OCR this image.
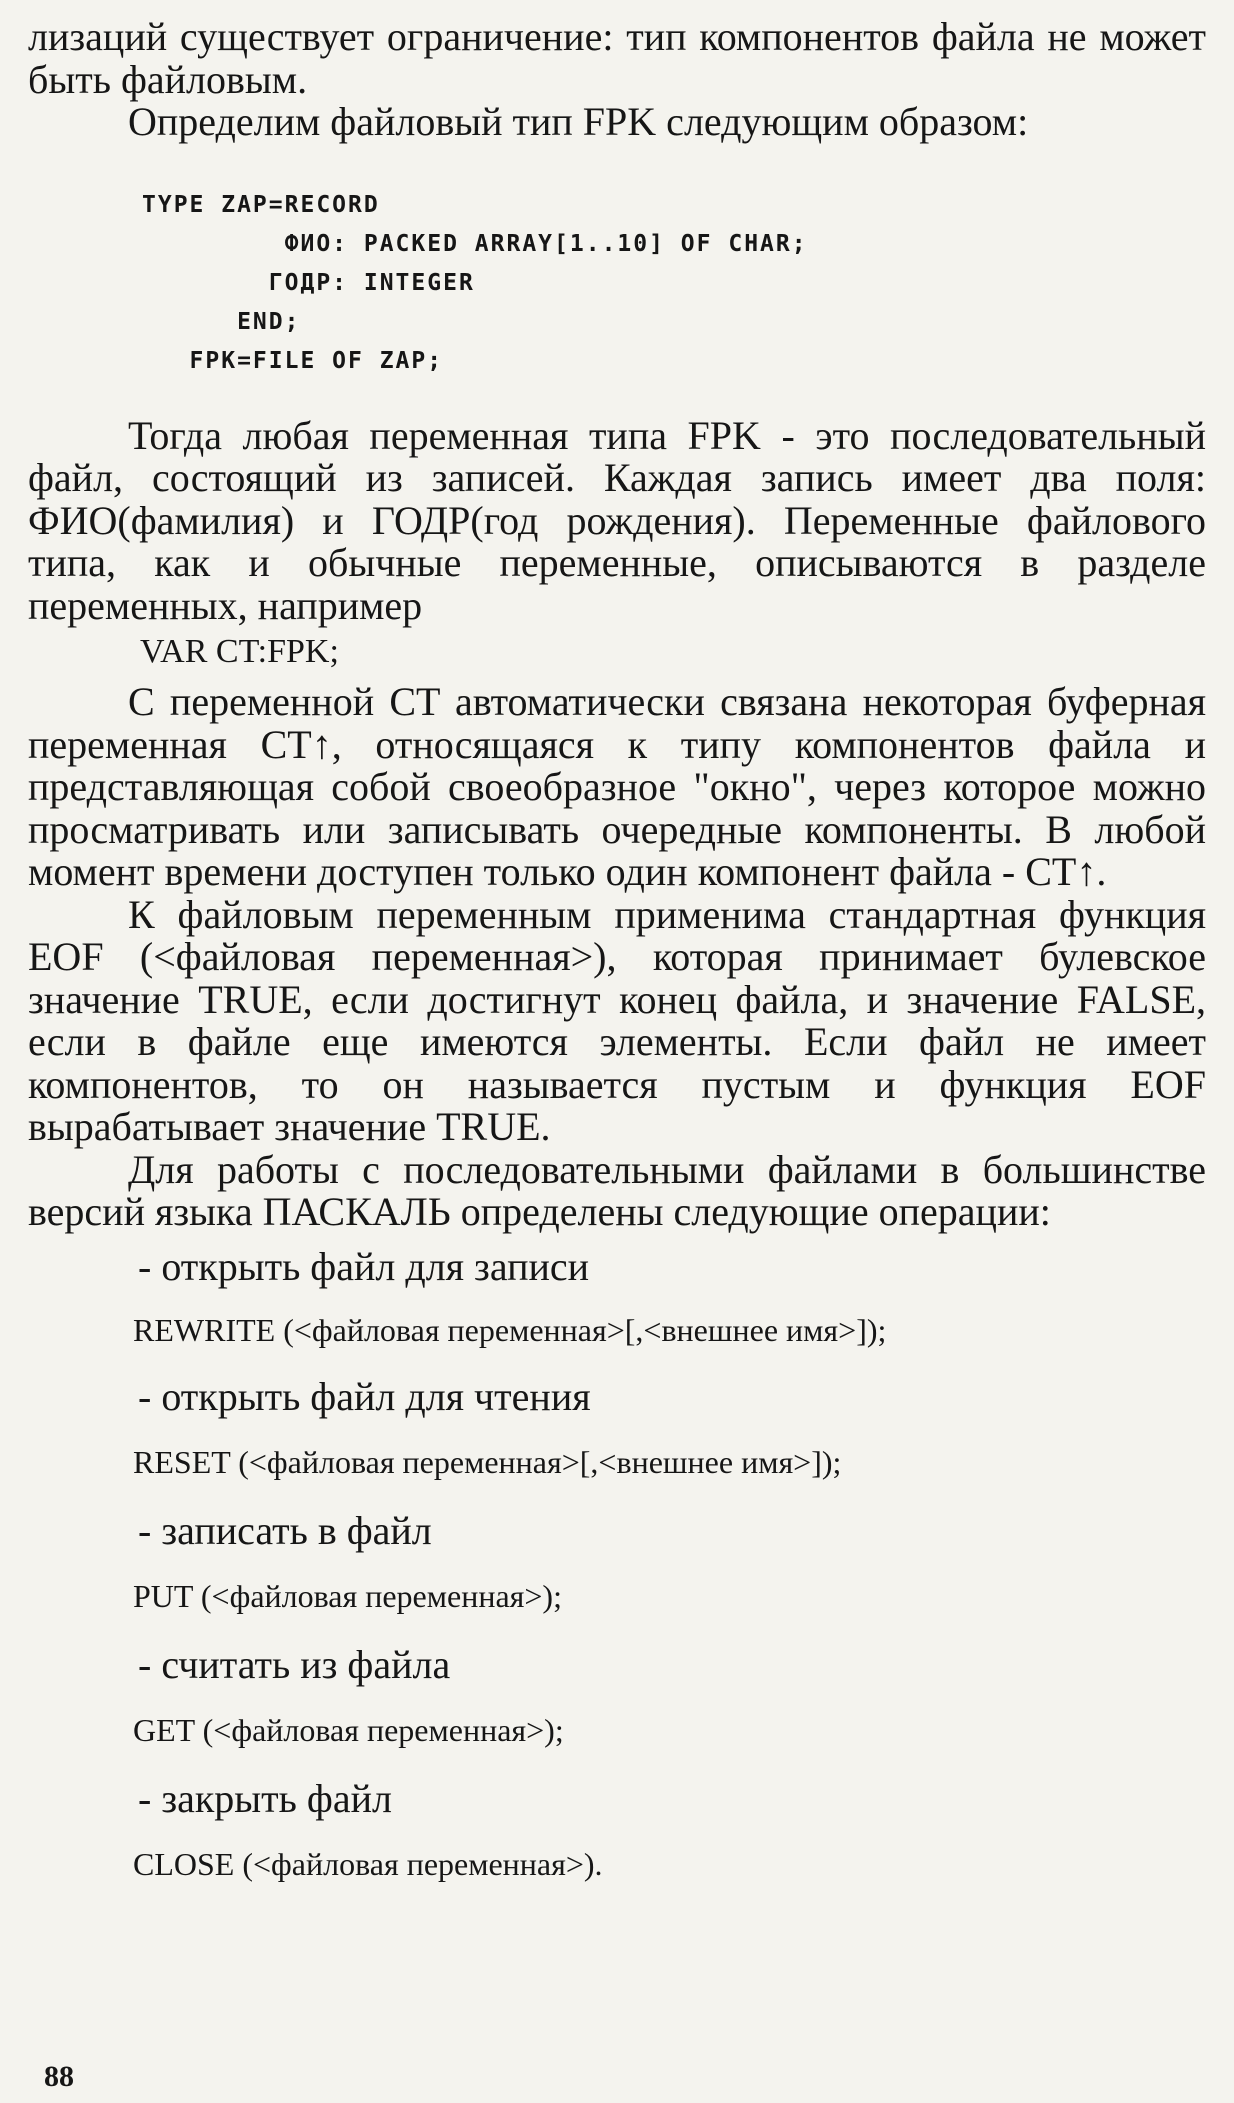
лизаций существует ограничение: тип компонентов файла не может быть файловым.

Определим файловый тип FPK следующим образом:

TYPE ZAP=RECORD
ФИО: PACKED ARRAY[1..10] OF CHAR;
ГОДР: INTEGER
END;
FPK=FILE OF ZAP;

Тогда любая переменная типа FPK - это последовательный файл, состоящий из записей. Каждая запись имеет два поля: ФИО(фамилия) и ГОДР(год рождения). Переменные файлового типа, как и обычные переменные, описываются в разделе переменных, например

VAR CT:FPK;

С переменной CT автоматически связана некоторая буферная переменная CT↑, относящаяся к типу компонентов файла и представляющая собой своеобразное "окно", через которое можно просматривать или записывать очередные компоненты. В любой момент времени доступен только один компонент файла - CT↑.

К файловым переменным применима стандартная функция EOF (<файловая переменная>), которая принимает булевское значение TRUE, если достигнут конец файла, и значение FALSE, если в файле еще имеются элементы. Если файл не имеет компонентов, то он называется пустым и функция EOF вырабатывает значение TRUE.

Для работы с последовательными файлами в большинстве версий языка ПАСКАЛЬ определены следующие операции:

- открыть файл для записи

REWRITE (<файловая переменная>[,<внешнее имя>]);

- открыть файл для чтения

RESET (<файловая переменная>[,<внешнее имя>]);

- записать в файл

PUT (<файловая переменная>);

- считать из файла

GET (<файловая переменная>);

- закрыть файл

CLOSE (<файловая переменная>).

88
